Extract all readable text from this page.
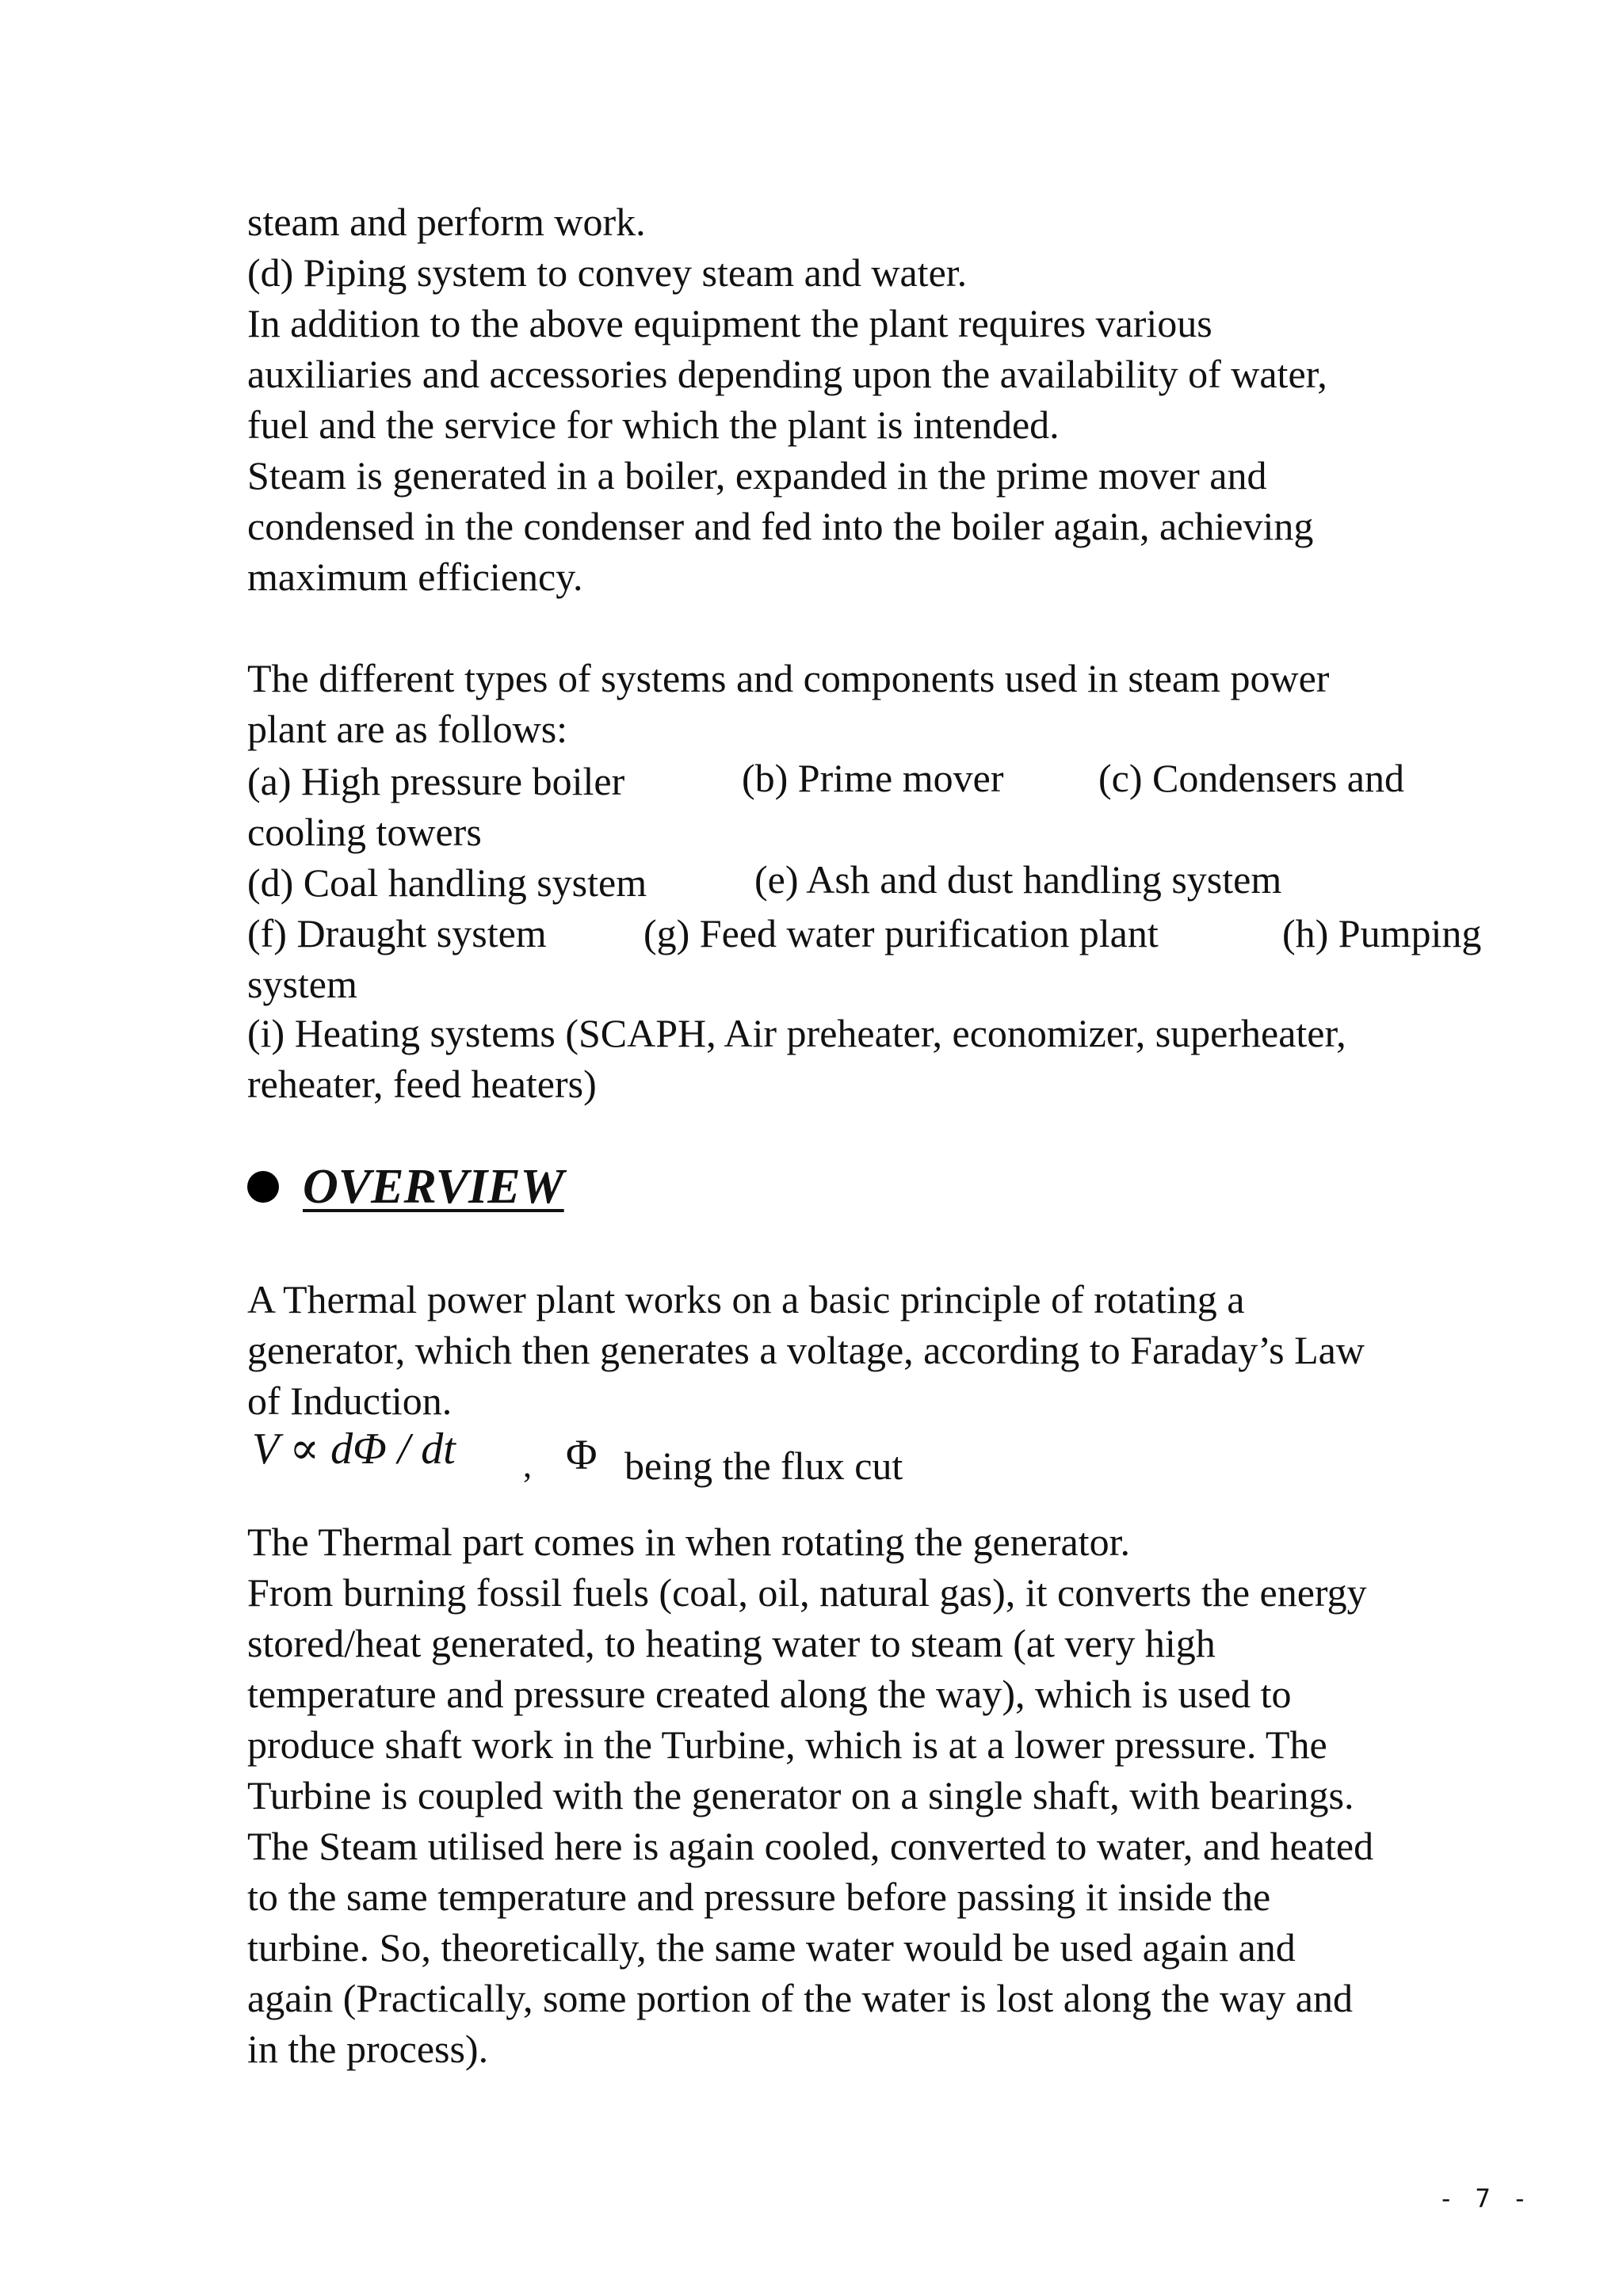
steam and perform work.
(d) Piping system to convey steam and water.
In addition to the above equipment the plant requires various
auxiliaries and accessories depending upon the availability of water,
fuel and the service for which the plant is intended.
Steam is generated in a boiler, expanded in the prime mover and
condensed in the condenser and fed into the boiler again, achieving
maximum efficiency.
The different types of systems and components used in steam power
plant are as follows:
(a) High pressure boiler	(b) Prime mover (c) Condensers and
cooling towers
(d) Coal handling system	(e) Ash and dust handling system
(f) Draught system (g) Feed water purification plant	(h) Pumping
system
(i) Heating systems (SCAPH, Air preheater, economizer, superheater,
reheater, feed heaters)
OVERVIEW
A Thermal power plant works on a basic principle of rotating a
generator, which then generates a voltage, according to Faraday’s Law
of Induction.
V ∝ dΦ / dt , Φ being the flux cut
The Thermal part comes in when rotating the generator.
From burning fossil fuels (coal, oil, natural gas), it converts the energy
stored/heat generated, to heating water to steam (at very high
temperature and pressure created along the way), which is used to
produce shaft work in the Turbine, which is at a lower pressure. The
Turbine is coupled with the generator on a single shaft, with bearings.
The Steam utilised here is again cooled, converted to water, and heated
to the same temperature and pressure before passing it inside the
turbine. So, theoretically, the same water would be used again and
again (Practically, some portion of the water is lost along the way and
in the process).
- 7 -
